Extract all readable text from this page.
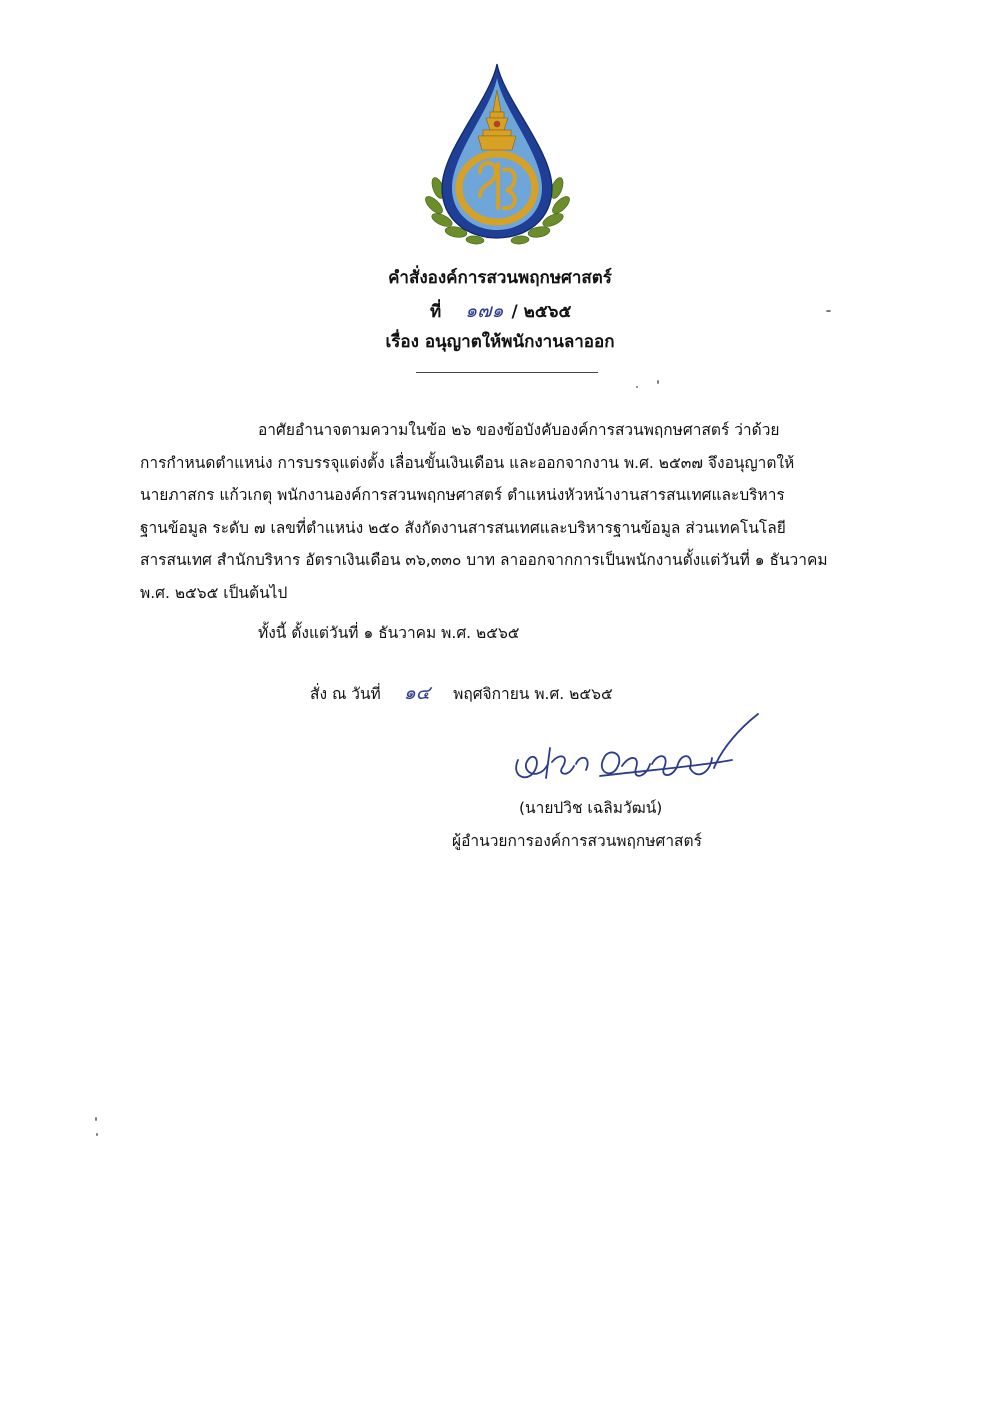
คำสั่งองค์การสวนพฤกษศาสตร์
ที่ ๑๗๑ / ๒๕๖๕
เรื่อง อนุญาตให้พนักงานลาออก
อาศัยอำนาจตามความในข้อ ๒๖ ของข้อบังคับองค์การสวนพฤกษศาสตร์ ว่าด้วย
การกำหนดตำแหน่ง การบรรจุแต่งตั้ง เลื่อนขั้นเงินเดือน และออกจากงาน พ.ศ. ๒๕๓๗ จึงอนุญาตให้
นายภาสกร แก้วเกตุ พนักงานองค์การสวนพฤกษศาสตร์ ตำแหน่งหัวหน้างานสารสนเทศและบริหาร
ฐานข้อมูล ระดับ ๗ เลขที่ตำแหน่ง ๒๕๐ สังกัดงานสารสนเทศและบริหารฐานข้อมูล ส่วนเทคโนโลยี
สารสนเทศ สำนักบริหาร อัตราเงินเดือน ๓๖,๓๓๐ บาท ลาออกจากการเป็นพนักงานตั้งแต่วันที่ ๑ ธันวาคม
พ.ศ. ๒๕๖๕ เป็นต้นไป
ทั้งนี้ ตั้งแต่วันที่ ๑ ธันวาคม พ.ศ. ๒๕๖๕
สั่ง ณ วันที่ ๑๔ พฤศจิกายน พ.ศ. ๒๕๖๕
(นายปวิช เฉลิมวัฒน์)
ผู้อำนวยการองค์การสวนพฤกษศาสตร์
